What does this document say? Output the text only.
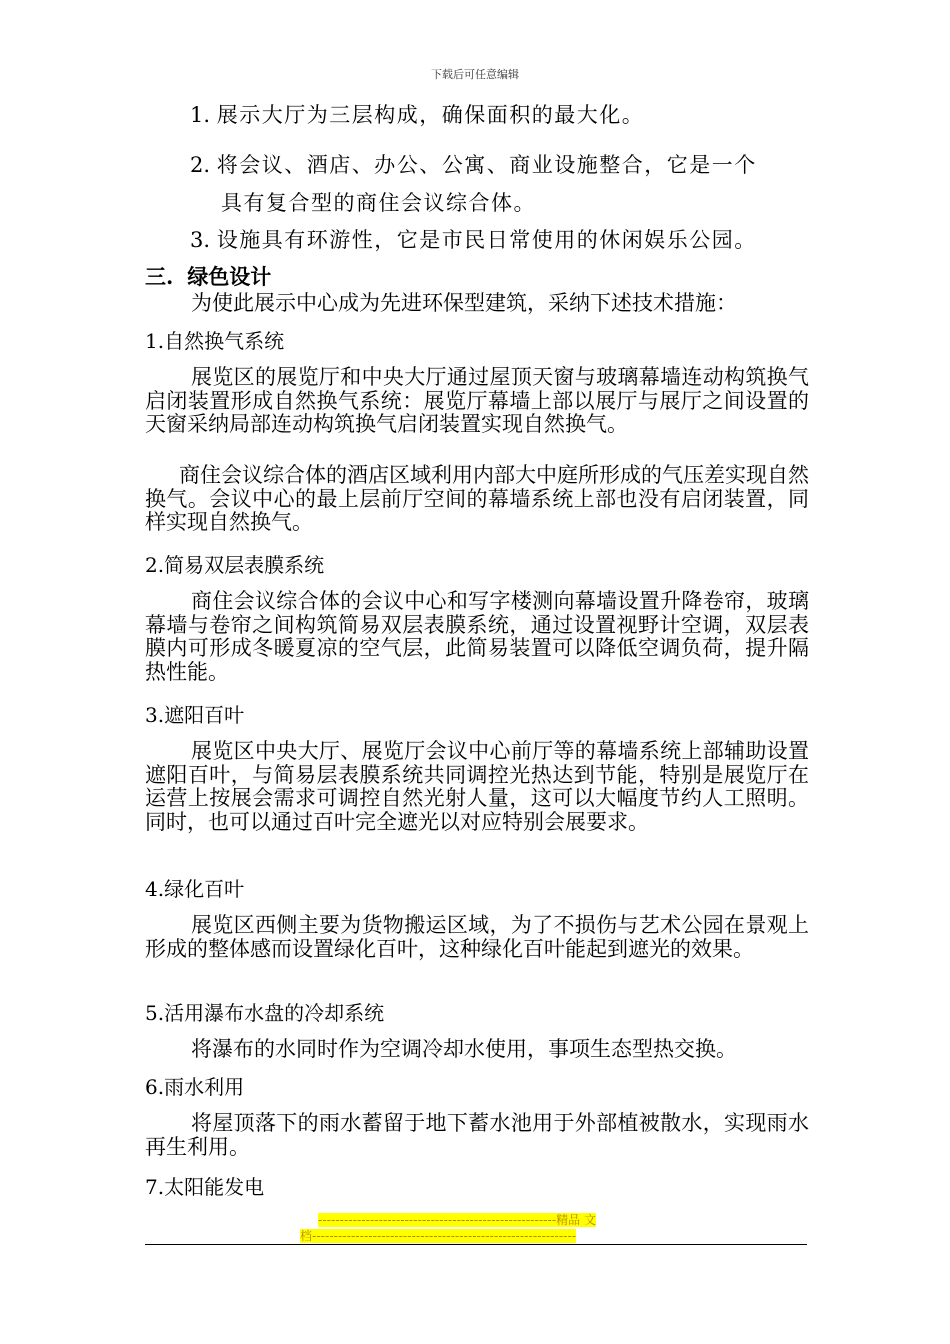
下载后可任意编辑
1. 展示大厅为三层构成，确保面积的最大化。
2. 将会议、酒店、办公、公寓、商业设施整合，它是一个
具有复合型的商住会议综合体。
3. 设施具有环游性，它是市民日常使用的休闲娱乐公园。
三. 绿色设计
为使此展示中心成为先进环保型建筑，采纳下述技术措施：
1.自然换气系统

展览区的展览厅和中央大厅通过屋顶天窗与玻璃幕墙连动构筑换气启闭装置形成自然换气系统：展览厅幕墙上部以展厅与展厅之间设置的天窗采纳局部连动构筑换气启闭装置实现自然换气。

商住会议综合体的酒店区域利用内部大中庭所形成的气压差实现自然换气。会议中心的最上层前厅空间的幕墙系统上部也没有启闭装置，同样实现自然换气。

2.简易双层表膜系统

商住会议综合体的会议中心和写字楼测向幕墙设置升降卷帘，玻璃幕墙与卷帘之间构筑简易双层表膜系统，通过设置视野计空调，双层表膜内可形成冬暖夏凉的空气层，此简易装置可以降低空调负荷，提升隔热性能。

3.遮阳百叶

展览区中央大厅、展览厅会议中心前厅等的幕墙系统上部辅助设置遮阳百叶，与简易层表膜系统共同调控光热达到节能，特别是展览厅在运营上按展会需求可调控自然光射人量，这可以大幅度节约人工照明。同时，也可以通过百叶完全遮光以对应特别会展要求。

4.绿化百叶

展览区西侧主要为货物搬运区域，为了不损伤与艺术公园在景观上形成的整体感而设置绿化百叶，这种绿化百叶能起到遮光的效果。

5.活用瀑布水盘的冷却系统

将瀑布的水同时作为空调冷却水使用，事项生态型热交换。

6.雨水利用

将屋顶落下的雨水蓄留于地下蓄水池用于外部植被散水，实现雨水再生利用。

7.太阳能发电
-------------------------------------------------------精品 文
档-------------------------------------------------------------
